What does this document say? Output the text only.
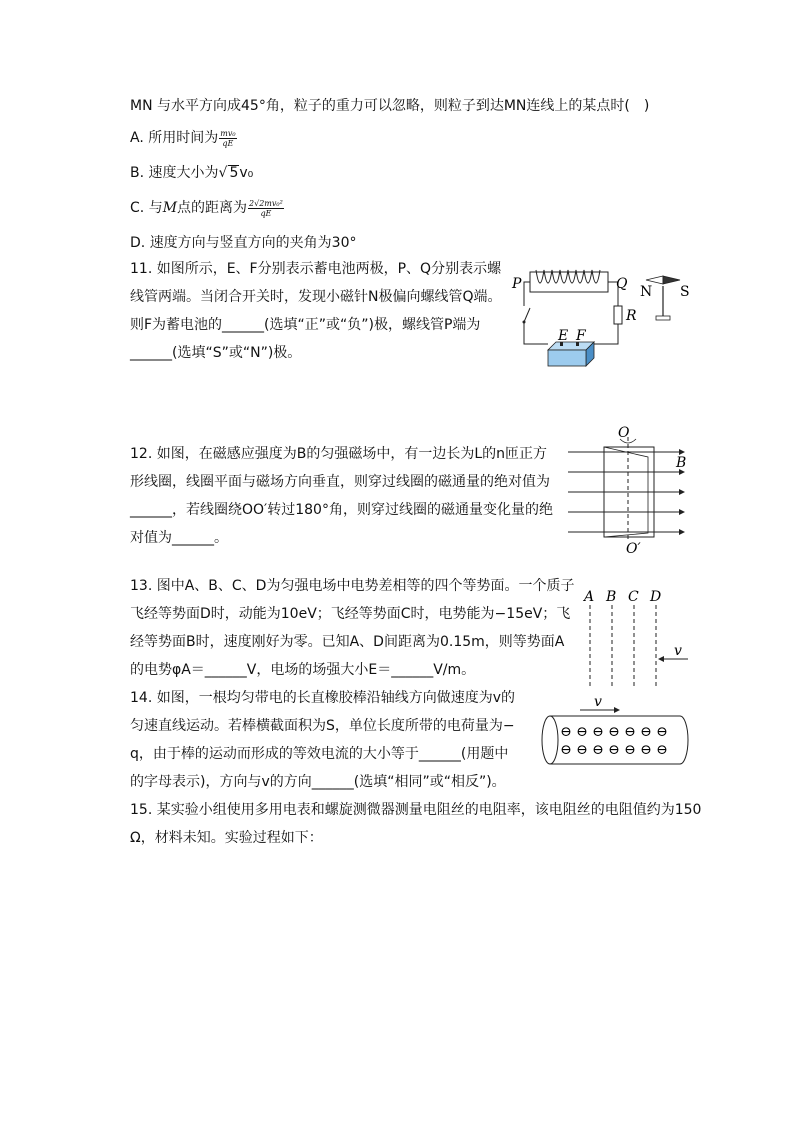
MN 与水平方向成45°角，粒子的重力可以忽略，则粒子到达MN连线上的某点时(　)
A. 所用时间为 $\frac{\text{mv₀}}{qE}$
B. 速度大小为√ 5v₀
C. 与M点的距离为 $\frac{\text{2√2mv₀²}}{qE}$
D. 速度方向与竖直方向的夹角为30°
11. 如图所示，E、F分别表示蓄电池两极，P、Q分别表示螺
线管两端。当闭合开关时，发现小磁针N极偏向螺线管Q端。
则F为蓄电池的______(选填“正”或“负”)极，螺线管P端为
______(选填“S”或“N”)极。
P	Q
R
E F
N S
12. 如图，在磁感应强度为B的匀强磁场中，有一边长为L的n匝正方
形线圈，线圈平面与磁场方向垂直，则穿过线圈的磁通量的绝对值为
______，若线圈绕OO′转过180°角，则穿过线圈的磁通量变化量的绝
对值为______。
O
O′
B
13. 图中A、B、C、D为匀强电场中电势差相等的四个等势面。一个质子
飞经等势面D时，动能为10eV；飞经等势面C时，电势能为−15eV；飞
经等势面B时，速度刚好为零。已知A、D间距离为0.15m，则等势面A
的电势φA＝______V，电场的场强大小E＝______V/m。
A B C D
v
14. 如图，一根均匀带电的长直橡胶棒沿轴线方向做速度为v的
匀速直线运动。若棒横截面积为S，单位长度所带的电荷量为−
q，由于棒的运动而形成的等效电流的大小等于______(用题中
的字母表示)，方向与v的方向______(选填“相同”或“相反”)。
v
⊖ ⊖ ⊖ ⊖ ⊖ ⊖ ⊖
⊖ ⊖ ⊖ ⊖ ⊖ ⊖ ⊖
15. 某实验小组使用多用电表和螺旋测微器测量电阻丝的电阻率，该电阻丝的电阻值约为150
Ω，材料未知。实验过程如下：
